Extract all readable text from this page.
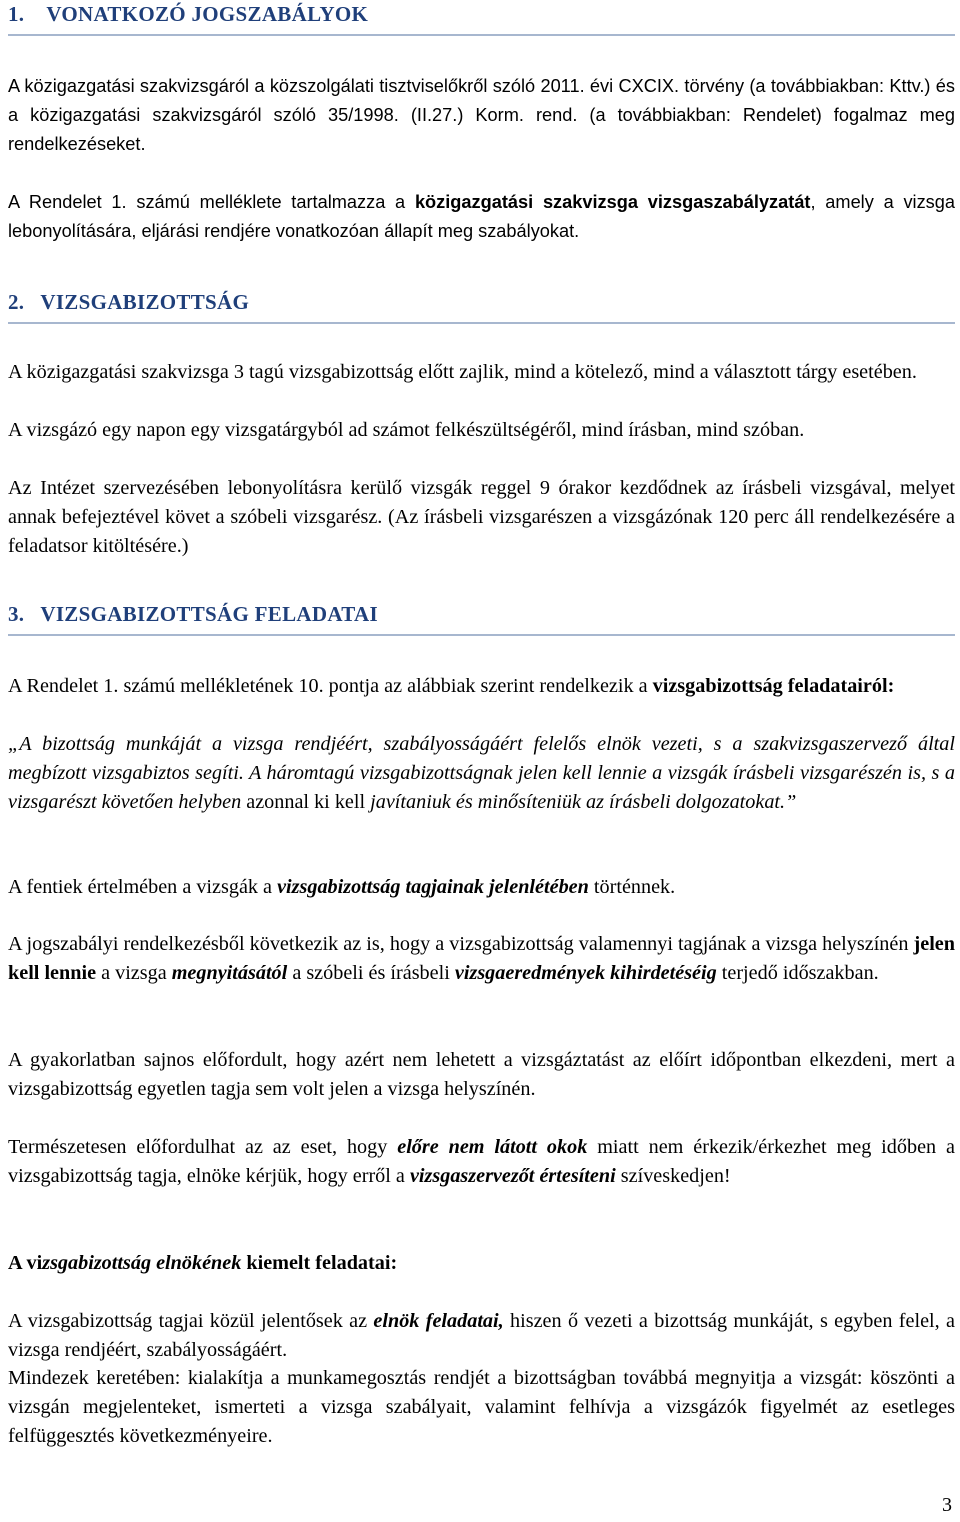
1. VONATKOZÓ JOGSZABÁLYOK

A közigazgatási szakvizsgáról a közszolgálati tisztviselőkről szóló 2011. évi CXCIX. törvény (a továbbiakban: Kttv.) és a közigazgatási szakvizsgáról szóló 35/1998. (II.27.) Korm. rend. (a továbbiakban: Rendelet) fogalmaz meg rendelkezéseket.

A Rendelet 1. számú melléklete tartalmazza a közigazgatási szakvizsga vizsgaszabályzatát, amely a vizsga lebonyolítására, eljárási rendjére vonatkozóan állapít meg szabályokat.

2. VIZSGABIZOTTSÁG

A közigazgatási szakvizsga 3 tagú vizsgabizottság előtt zajlik, mind a kötelező, mind a választott tárgy esetében.

A vizsgázó egy napon egy vizsgatárgyból ad számot felkészültségéről, mind írásban, mind szóban.

Az Intézet szervezésében lebonyolításra kerülő vizsgák reggel 9 órakor kezdődnek az írásbeli vizsgával, melyet annak befejeztével követ a szóbeli vizsgarész. (Az írásbeli vizsgarészen a vizsgázónak 120 perc áll rendelkezésére a feladatsor kitöltésére.)

3. VIZSGABIZOTTSÁG FELADATAI

A Rendelet 1. számú mellékletének 10. pontja az alábbiak szerint rendelkezik a vizsgabizottság feladatairól:

„A bizottság munkáját a vizsga rendjéért, szabályosságáért felelős elnök vezeti, s a szakvizsgaszervező által megbízott vizsgabiztos segíti. A háromtagú vizsgabizottságnak jelen kell lennie a vizsgák írásbeli vizsgarészén is, s a vizsgarészt követően helyben azonnal ki kell javítaniuk és minősíteniük az írásbeli dolgozatokat.”

A fentiek értelmében a vizsgák a vizsgabizottság tagjainak jelenlétében történnek.

A jogszabályi rendelkezésből következik az is, hogy a vizsgabizottság valamennyi tagjának a vizsga helyszínén jelen kell lennie a vizsga megnyitásától a szóbeli és írásbeli vizsgaeredmények kihirdetéséig terjedő időszakban.

A gyakorlatban sajnos előfordult, hogy azért nem lehetett a vizsgáztatást az előírt időpontban elkezdeni, mert a vizsgabizottság egyetlen tagja sem volt jelen a vizsga helyszínén.

Természetesen előfordulhat az az eset, hogy előre nem látott okok miatt nem érkezik/érkezhet meg időben a vizsgabizottság tagja, elnöke kérjük, hogy erről a vizsgaszervezőt értesíteni szíveskedjen!

A vizsgabizottság elnökének kiemelt feladatai:

A vizsgabizottság tagjai közül jelentősek az elnök feladatai, hiszen ő vezeti a bizottság munkáját, s egyben felel, a vizsga rendjéért, szabályosságáért.

Mindezek keretében: kialakítja a munkamegosztás rendjét a bizottságban továbbá megnyitja a vizsgát: köszönti a vizsgán megjelenteket, ismerteti a vizsga szabályait, valamint felhívja a vizsgázók figyelmét az esetleges felfüggesztés következményeire.

3
